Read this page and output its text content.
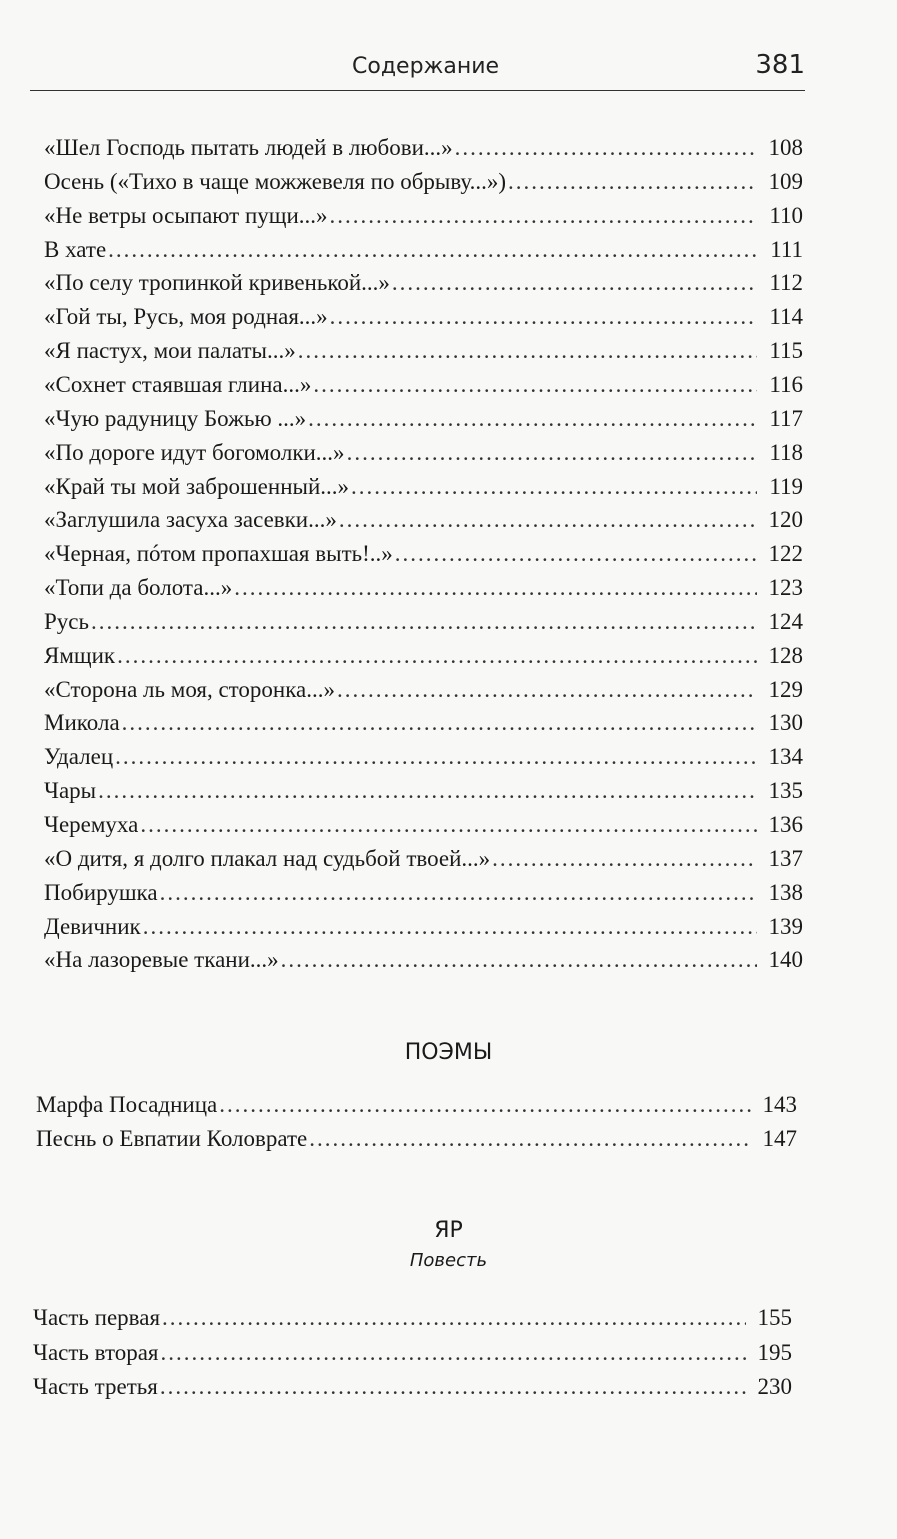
Содержание	381
«Шел Господь пытать людей в любови...» .....	108
Осень («Тихо в чаще можжевеля по обрыву...») .....	109
«Не ветры осыпают пущи...» .....	110
В хате .....	111
«По селу тропинкой кривенькой...» .....	112
«Гой ты, Русь, моя родная...» .....	114
«Я пастух, мои палаты...» .....	115
«Сохнет стаявшая глина...» .....	116
«Чую радуницу Божью ...» .....	117
«По дороге идут богомолки...» .....	118
«Край ты мой заброшенный...» .....	119
«Заглушила засуха засевки...» .....	120
«Черная, пóтом пропахшая выть!..» .....	122
«Топи да болота...» .....	123
Русь .....	124
Ямщик .....	128
«Сторона ль моя, сторонка...» .....	129
Микола .....	130
Удалец .....	134
Чары .....	135
Черемуха .....	136
«О дитя, я долго плакал над судьбой твоей...» .....	137
Побирушка .....	138
Девичник .....	139
«На лазоревые ткани...» .....	140
ПОЭМЫ
Марфа Посадница .....	143
Песнь о Евпатии Коловрате .....	147
ЯР
Повесть
Часть первая .....	155
Часть вторая .....	195
Часть третья .....	230
